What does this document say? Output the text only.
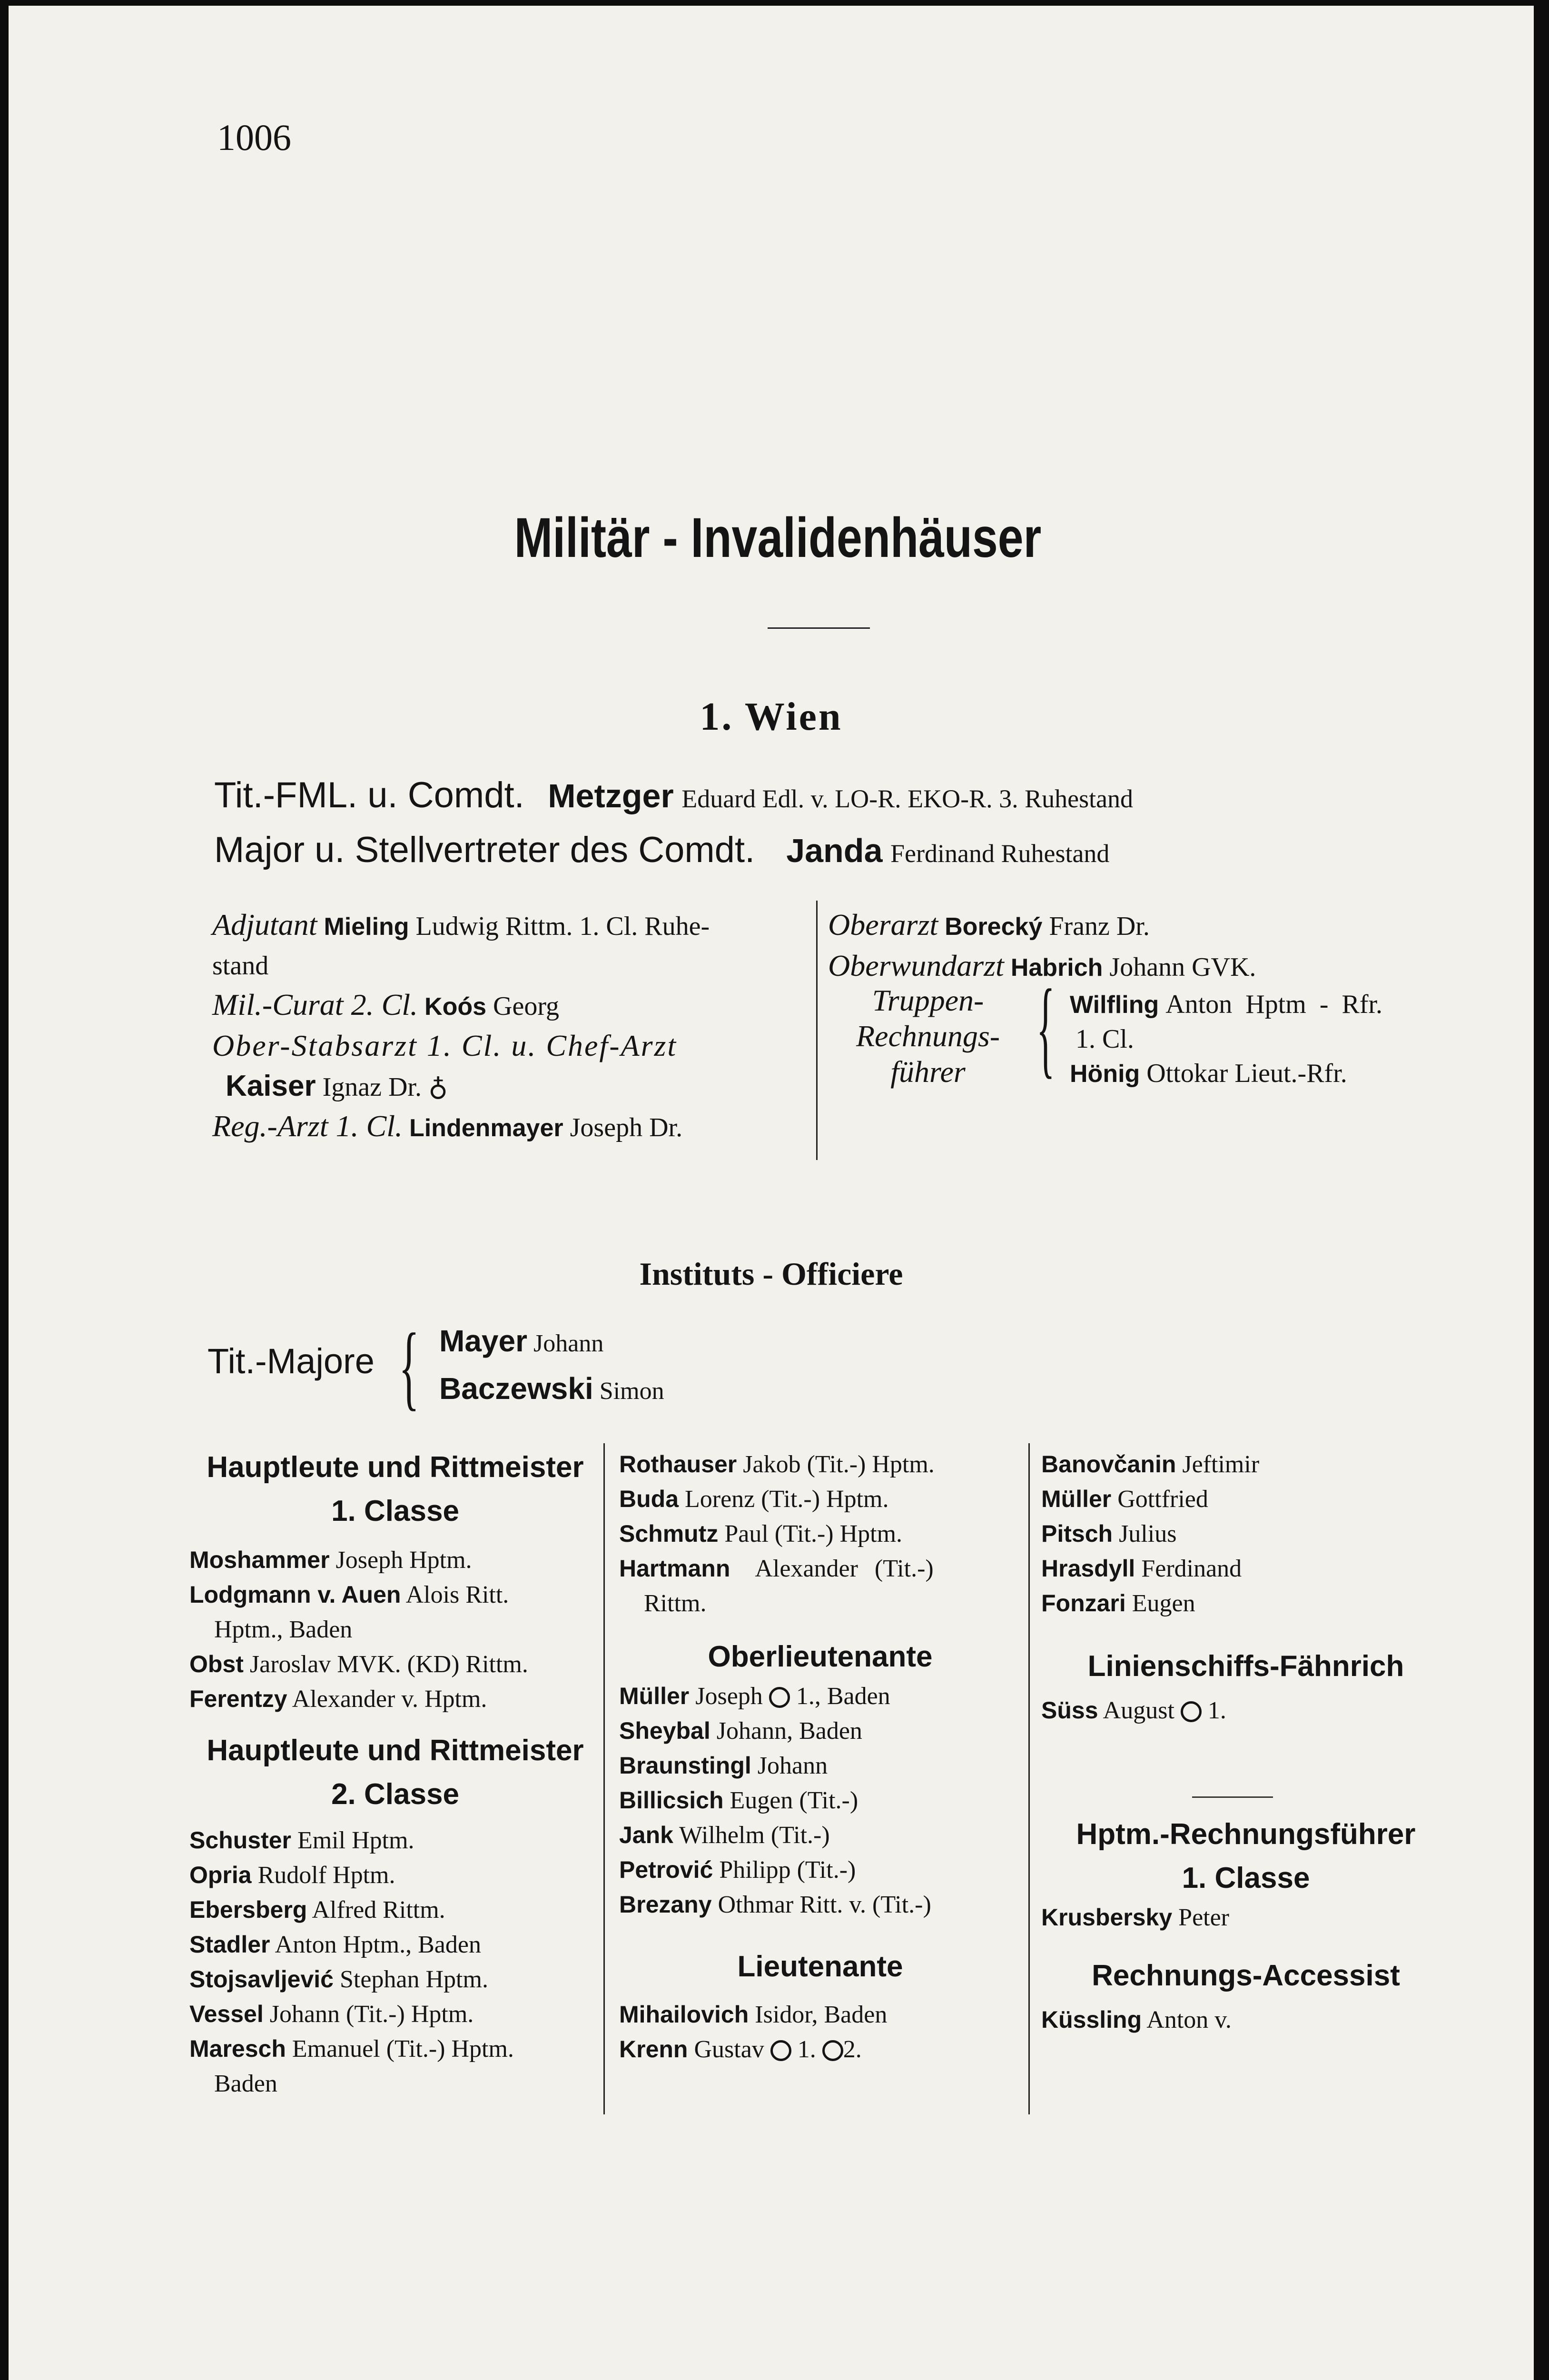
1006
Militär - Invalidenhäuser
1. Wien
Tit.-FML. u. Comdt. Metzger Eduard Edl. v. LO-R. EKO-R. 3. Ruhestand
Major u. Stellvertreter des Comdt. Janda Ferdinand Ruhestand
Adjutant Mieling Ludwig Rittm. 1. Cl. Ruhe-
stand
Mil.-Curat 2. Cl. Koós Georg
Ober-Stabsarzt 1. Cl. u. Chef-Arzt
Kaiser Ignaz Dr. ♁
Reg.-Arzt 1. Cl. Lindenmayer Joseph Dr.
Oberarzt Borecký Franz Dr.
Oberwundarzt Habrich Johann GVK.
Truppen-
Rechnungs-
führer { Wilfling Anton Hptm - Rfr.
1. Cl.
Hönig Ottokar Lieut.-Rfr.
Instituts - Officiere
Tit.-Majore { Mayer Johann
Baczewski Simon
Hauptleute und Rittmeister
1. Classe
Moshammer Joseph Hptm.
Lodgmann v. Auen Alois Ritt.
Hptm., Baden
Obst Jaroslav MVK. (KD) Rittm.
Ferentzy Alexander v. Hptm.
Hauptleute und Rittmeister
2. Classe
Schuster Emil Hptm.
Opria Rudolf Hptm.
Ebersberg Alfred Rittm.
Stadler Anton Hptm., Baden
Stojsavljević Stephan Hptm.
Vessel Johann (Tit.-) Hptm.
Maresch Emanuel (Tit.-) Hptm.
Baden
Rothauser Jakob (Tit.-) Hptm.
Buda Lorenz (Tit.-) Hptm.
Schmutz Paul (Tit.-) Hptm.
Hartmann Alexander (Tit.-)
Rittm.
Oberlieutenante
Müller Joseph 1., Baden
Sheybal Johann, Baden
Braunstingl Johann
Billicsich Eugen (Tit.-)
Jank Wilhelm (Tit.-)
Petrović Philipp (Tit.-)
Brezany Othmar Ritt. v. (Tit.-)
Lieutenante
Mihailovich Isidor, Baden
Krenn Gustav 1. 2.
Banovčanin Jeftimir
Müller Gottfried
Pitsch Julius
Hrasdyll Ferdinand
Fonzari Eugen
Linienschiffs-Fähnrich
Süss August 1.
Hptm.-Rechnungsführer
1. Classe
Krusbersky Peter
Rechnungs-Accessist
Küssling Anton v.
